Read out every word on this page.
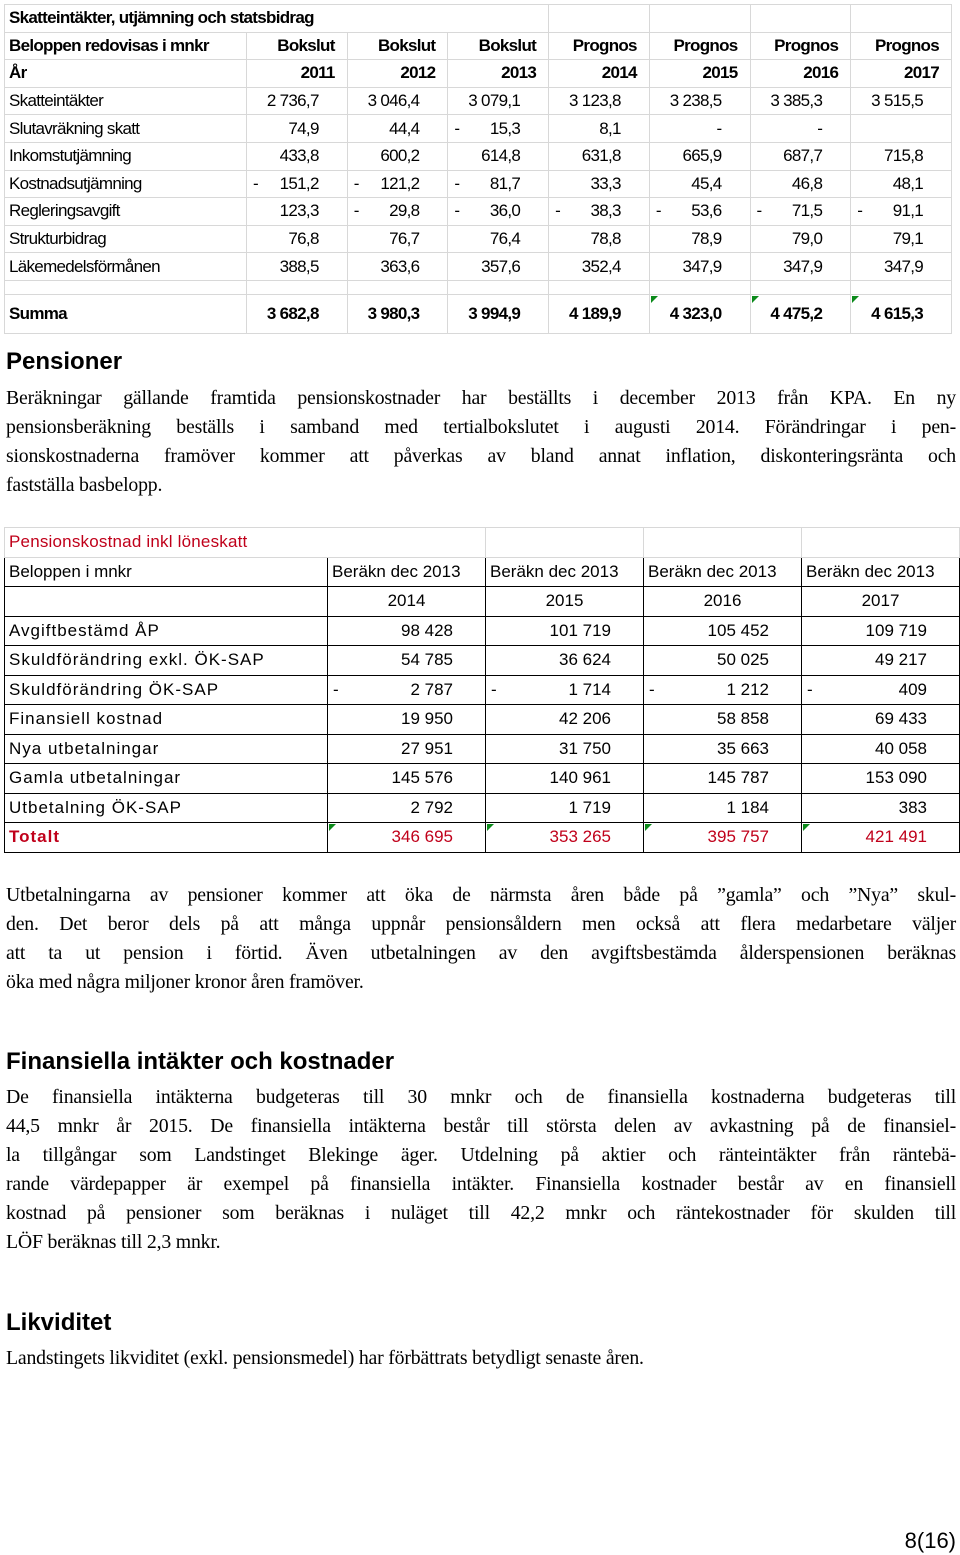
Skatteintäkter, utjämning och statsbidrag							
Beloppen redovisas i mnkr	Bokslut	Bokslut	Bokslut	Prognos	Prognos	Prognos	Prognos
År	2011	2012	2013	2014	2015	2016	2017
Skatteintäkter	2 736,7	3 046,4	3 079,1	3 123,8	3 238,5	3 385,3	3 515,5
Slutavräkning skatt	74,9	44,4	- 15,3	8,1	-	-	
Inkomstutjämning	433,8	600,2	614,8	631,8	665,9	687,7	715,8
Kostnadsutjämning	- 151,2	- 121,2	- 81,7	33,3	45,4	46,8	48,1
Regleringsavgift	123,3	- 29,8	- 36,0	- 38,3	- 53,6	- 71,5	- 91,1
Strukturbidrag	76,8	76,7	76,4	78,8	78,9	79,0	79,1
Läkemedelsförmånen	388,5	363,6	357,6	352,4	347,9	347,9	347,9

Summa	3 682,8	3 980,3	3 994,9	4 189,9	4 323,0	4 475,2	4 615,3
Pensioner
Beräkningar gällande framtida pensionskostnader har beställts i december 2013 från KPA. En ny
pensionsberäkning beställs i samband med tertialbokslutet i augusti 2014. Förändringar i pen-
sionskostnaderna framöver kommer att påverkas av bland annat inflation, diskonteringsränta och
fastställa basbelopp.
Pensionskostnad inkl löneskatt				
Beloppen i mnkr	Beräkn dec 2013	Beräkn dec 2013	Beräkn dec 2013	Beräkn dec 2013
	2014	2015	2016	2017
Avgiftbestämd ÅP	98 428	101 719	105 452	109 719
Skuldförändring exkl. ÖK-SAP	54 785	36 624	50 025	49 217
Skuldförändring ÖK-SAP	- 2 787	- 1 714	- 1 212	- 409
Finansiell kostnad	19 950	42 206	58 858	69 433
Nya utbetalningar	27 951	31 750	35 663	40 058
Gamla utbetalningar	145 576	140 961	145 787	153 090
Utbetalning ÖK-SAP	2 792	1 719	1 184	383
Totalt	346 695	353 265	395 757	421 491
Utbetalningarna av pensioner kommer att öka de närmsta åren både på ”gamla” och ”Nya” skul-
den. Det beror dels på att många uppnår pensionsåldern men också att flera medarbetare väljer
att ta ut pension i förtid. Även utbetalningen av den avgiftsbestämda ålderspensionen beräknas
öka med några miljoner kronor åren framöver.
Finansiella intäkter och kostnader
De finansiella intäkterna budgeteras till 30 mnkr och de finansiella kostnaderna budgeteras till
44,5 mnkr år 2015. De finansiella intäkterna består till största delen av avkastning på de finansiel-
la tillgångar som Landstinget Blekinge äger. Utdelning på aktier och ränteintäkter från räntebä-
rande värdepapper är exempel på finansiella intäkter. Finansiella kostnader består av en finansiell
kostnad på pensioner som beräknas i nuläget till 42,2 mnkr och räntekostnader för skulden till
LÖF beräknas till 2,3 mnkr.
Likviditet
Landstingets likviditet (exkl. pensionsmedel) har förbättrats betydligt senaste åren.
8(16)
